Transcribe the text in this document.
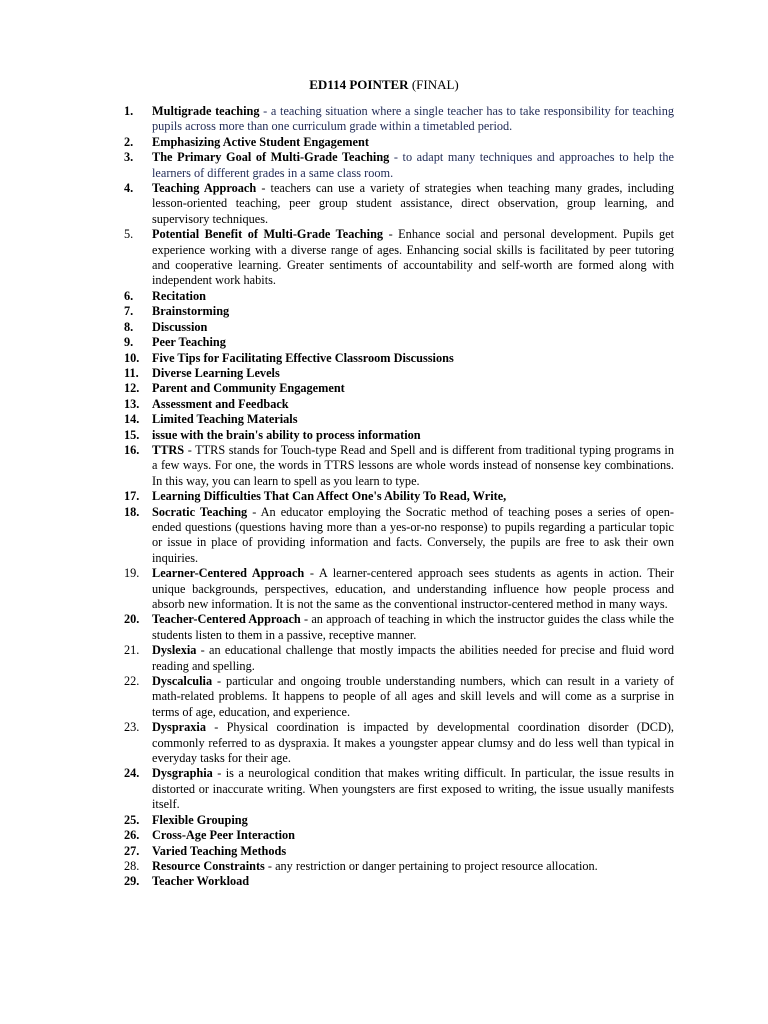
ED114 POINTER (FINAL)
1.	Multigrade teaching - a teaching situation where a single teacher has to take responsibility for teaching pupils across more than one curriculum grade within a timetabled period.
2.	Emphasizing Active Student Engagement
3.	The Primary Goal of Multi-Grade Teaching - to adapt many techniques and approaches to help the learners of different grades in a same class room.
4.	Teaching Approach - teachers can use a variety of strategies when teaching many grades, including lesson-oriented teaching, peer group student assistance, direct observation, group learning, and supervisory techniques.
5.	Potential Benefit of Multi-Grade Teaching - Enhance social and personal development. Pupils get experience working with a diverse range of ages. Enhancing social skills is facilitated by peer tutoring and cooperative learning. Greater sentiments of accountability and self-worth are formed along with independent work habits.
6.	Recitation
7.	Brainstorming
8.	Discussion
9.	Peer Teaching
10.	Five Tips for Facilitating Effective Classroom Discussions
11.	Diverse Learning Levels
12.	Parent and Community Engagement
13.	Assessment and Feedback
14.	Limited Teaching Materials
15.	issue with the brain's ability to process information
16.	TTRS - TTRS stands for Touch-type Read and Spell and is different from traditional typing programs in a few ways. For one, the words in TTRS lessons are whole words instead of nonsense key combinations. In this way, you can learn to spell as you learn to type.
17.	Learning Difficulties That Can Affect One's Ability To Read, Write,
18.	Socratic Teaching - An educator employing the Socratic method of teaching poses a series of open-ended questions (questions having more than a yes-or-no response) to pupils regarding a particular topic or issue in place of providing information and facts. Conversely, the pupils are free to ask their own inquiries.
19.	Learner-Centered Approach - A learner-centered approach sees students as agents in action. Their unique backgrounds, perspectives, education, and understanding influence how people process and absorb new information. It is not the same as the conventional instructor-centered method in many ways.
20.	Teacher-Centered Approach - an approach of teaching in which the instructor guides the class while the students listen to them in a passive, receptive manner.
21.	Dyslexia - an educational challenge that mostly impacts the abilities needed for precise and fluid word reading and spelling.
22.	Dyscalculia - particular and ongoing trouble understanding numbers, which can result in a variety of math-related problems. It happens to people of all ages and skill levels and will come as a surprise in terms of age, education, and experience.
23.	Dyspraxia - Physical coordination is impacted by developmental coordination disorder (DCD), commonly referred to as dyspraxia. It makes a youngster appear clumsy and do less well than typical in everyday tasks for their age.
24.	Dysgraphia - is a neurological condition that makes writing difficult. In particular, the issue results in distorted or inaccurate writing. When youngsters are first exposed to writing, the issue usually manifests itself.
25.	Flexible Grouping
26.	Cross-Age Peer Interaction
27.	Varied Teaching Methods
28.	Resource Constraints - any restriction or danger pertaining to project resource allocation.
29.	Teacher Workload
